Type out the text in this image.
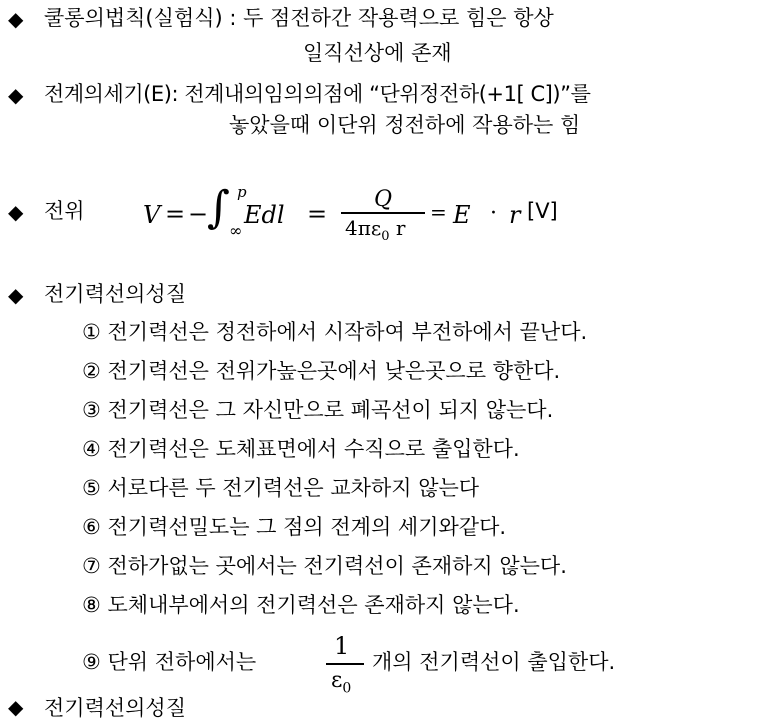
◆ 쿨롱의법칙(실험식) : 두 점전하간 작용력으로 힘은 항상
일직선상에 존재
◆ 전계의세기(E): 전계내의임의의점에 “단위정전하(+1[ C])”를
놓았을때 이단위 정전하에 작용하는 힘
◆ 전위 V = −
∫ p
∞
Edl =
Q
$4\pi\varepsilon_0$ r
= E · r [V]
◆ 전기력선의성질
① 전기력선은 정전하에서 시작하여 부전하에서 끝난다.
② 전기력선은 전위가높은곳에서 낮은곳으로 향한다.
③ 전기력선은 그 자신만으로 폐곡선이 되지 않는다.
④ 전기력선은 도체표면에서 수직으로 출입한다.
⑤ 서로다른 두 전기력선은 교차하지 않는다
⑥ 전기력선밀도는 그 점의 전계의 세기와같다.
⑦ 전하가없는 곳에서는 전기력선이 존재하지 않는다.
⑧ 도체내부에서의 전기력선은 존재하지 않는다.
⑨ 단위 전하에서는
1
$\varepsilon_0$
개의 전기력선이 출입한다.
◆ 전기력선의성질
